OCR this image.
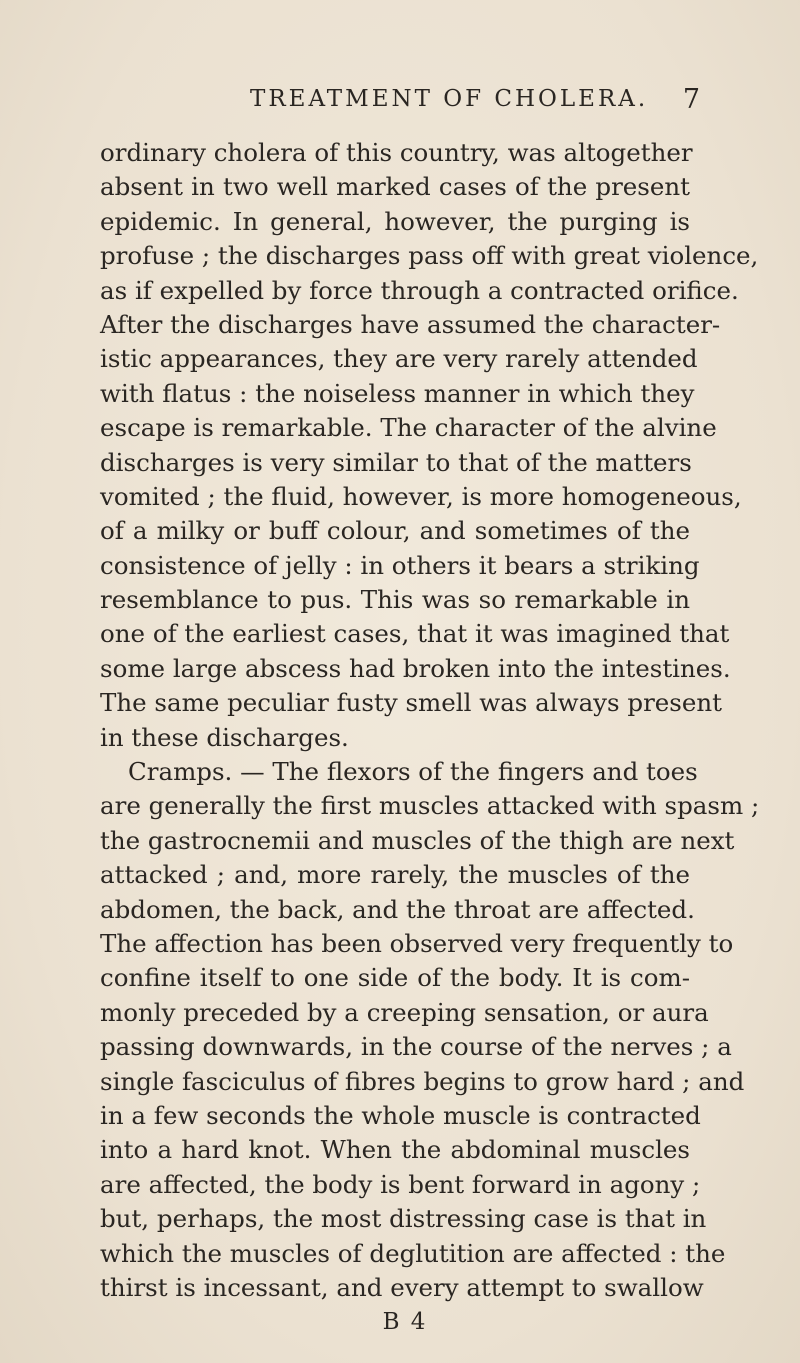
TREATMENT OF CHOLERA. 7
ordinary cholera of this country, was altogether
absent in two well marked cases of the present
epidemic. In general, however, the purging is
profuse ; the discharges pass off with great violence,
as if expelled by force through a contracted orifice.
After the discharges have assumed the character-
istic appearances, they are very rarely attended
with flatus : the noiseless manner in which they
escape is remarkable. The character of the alvine
discharges is very similar to that of the matters
vomited ; the fluid, however, is more homogeneous,
of a milky or buff colour, and sometimes of the
consistence of jelly : in others it bears a striking
resemblance to pus. This was so remarkable in
one of the earliest cases, that it was imagined that
some large abscess had broken into the intestines.
The same peculiar fusty smell was always present
in these discharges.
Cramps. — The flexors of the fingers and toes
are generally the first muscles attacked with spasm ;
the gastrocnemii and muscles of the thigh are next
attacked ; and, more rarely, the muscles of the
abdomen, the back, and the throat are affected.
The affection has been observed very frequently to
confine itself to one side of the body. It is com-
monly preceded by a creeping sensation, or aura
passing downwards, in the course of the nerves ; a
single fasciculus of fibres begins to grow hard ; and
in a few seconds the whole muscle is contracted
into a hard knot. When the abdominal muscles
are affected, the body is bent forward in agony ;
but, perhaps, the most distressing case is that in
which the muscles of deglutition are affected : the
thirst is incessant, and every attempt to swallow
B 4
